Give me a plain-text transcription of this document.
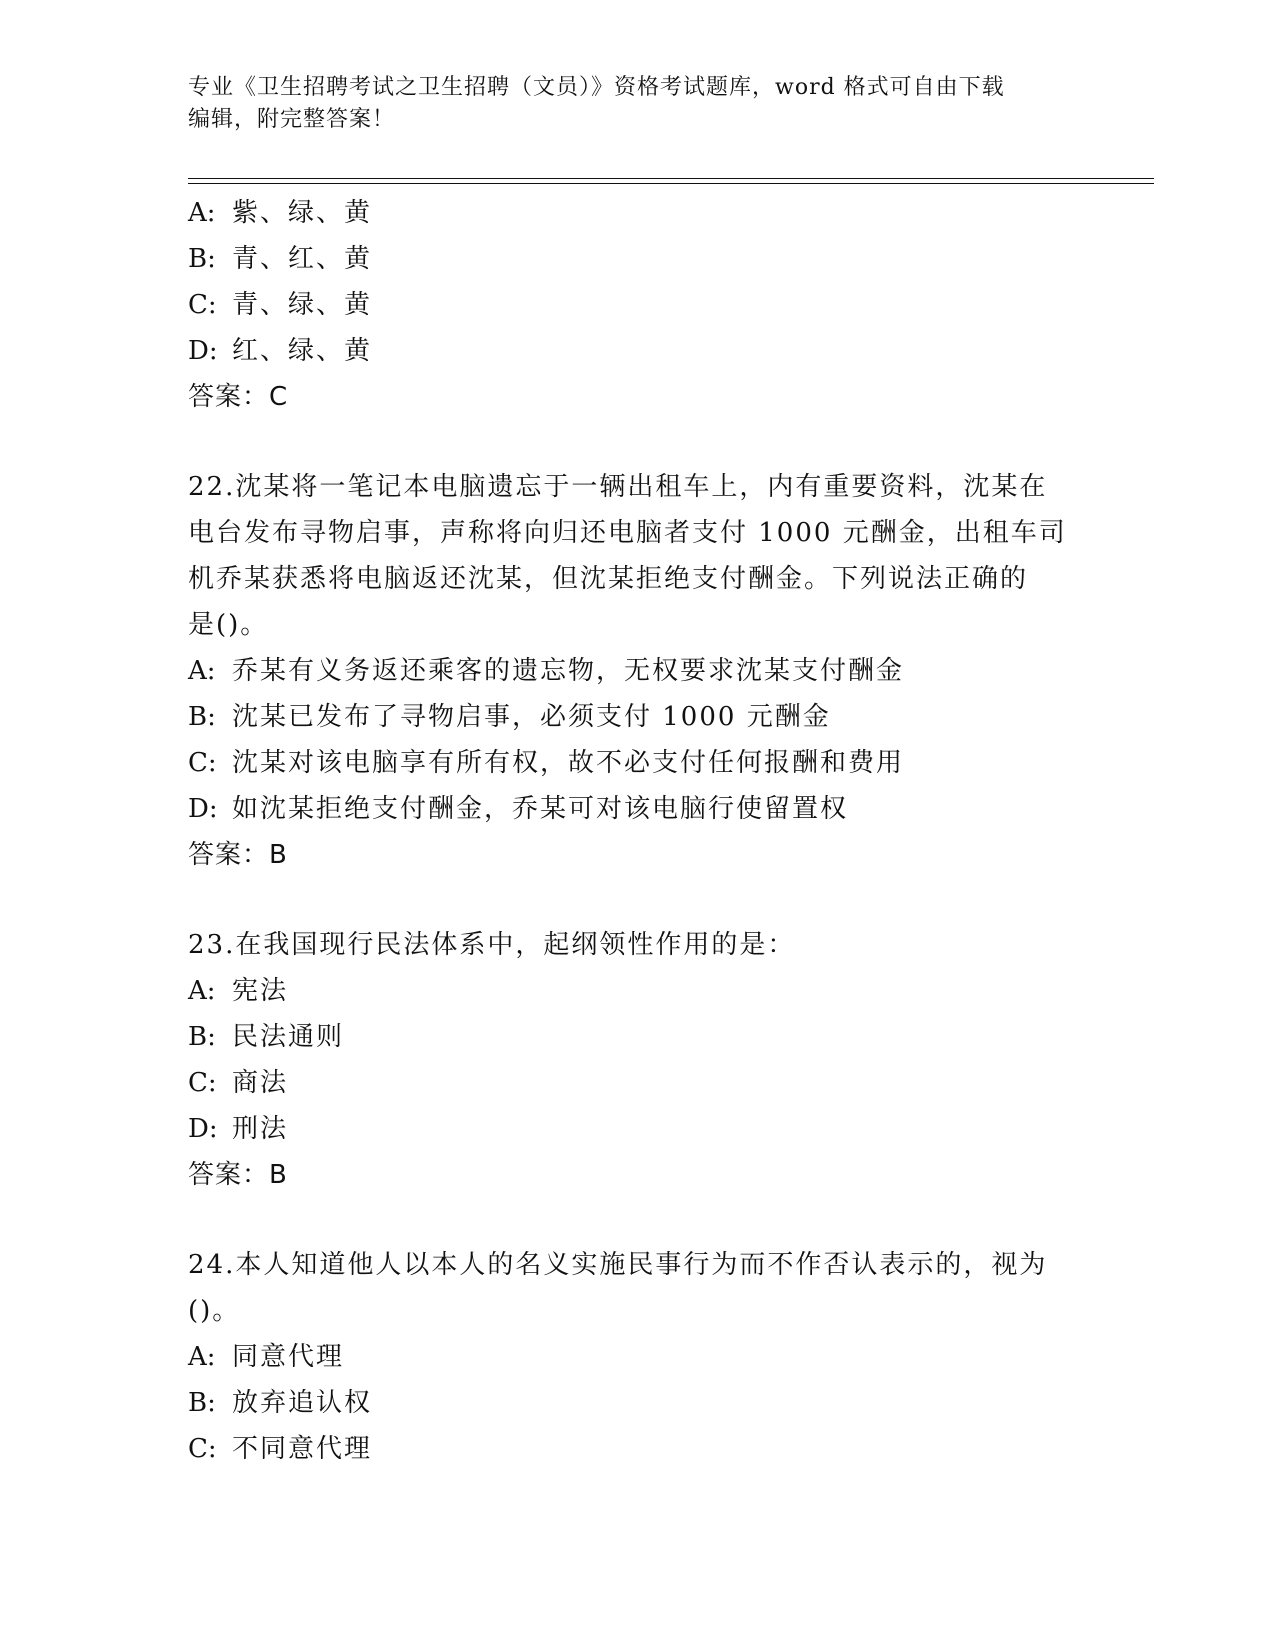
专业《卫生招聘考试之卫生招聘（文员）》资格考试题库，word 格式可自由下载
编辑，附完整答案！
A: 紫、绿、黄
B: 青、红、黄
C: 青、绿、黄
D: 红、绿、黄
答案：C
22.沈某将一笔记本电脑遗忘于一辆出租车上，内有重要资料，沈某在
电台发布寻物启事，声称将向归还电脑者支付 1000 元酬金，出租车司
机乔某获悉将电脑返还沈某，但沈某拒绝支付酬金。下列说法正确的
是()。
A: 乔某有义务返还乘客的遗忘物，无权要求沈某支付酬金
B: 沈某已发布了寻物启事，必须支付 1000 元酬金
C: 沈某对该电脑享有所有权，故不必支付任何报酬和费用
D: 如沈某拒绝支付酬金，乔某可对该电脑行使留置权
答案：B
23.在我国现行民法体系中，起纲领性作用的是：
A: 宪法
B: 民法通则
C: 商法
D: 刑法
答案：B
24.本人知道他人以本人的名义实施民事行为而不作否认表示的，视为
()。
A: 同意代理
B: 放弃追认权
C: 不同意代理
